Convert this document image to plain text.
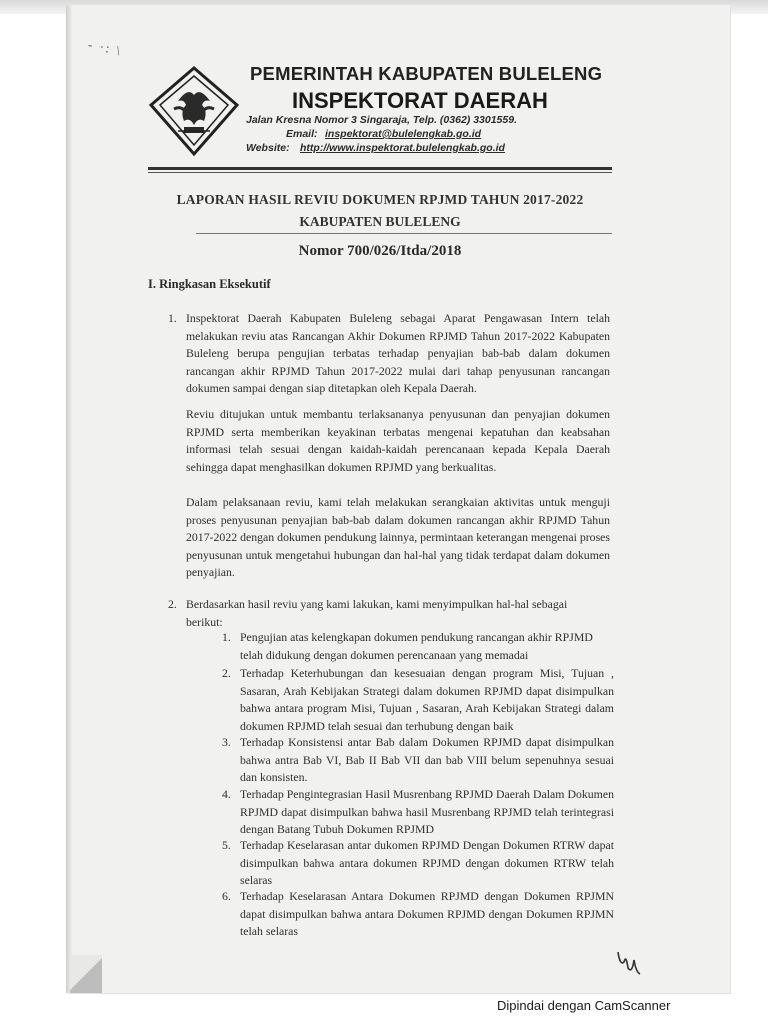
- ·: \
PEMERINTAH KABUPATEN BULELENG
INSPEKTORAT DAERAH
Jalan Kresna Nomor 3 Singaraja, Telp. (0362) 3301559.
Email: inspektorat@bulelengkab.go.id
Website: http://www.inspektorat.bulelengkab.go.id
LAPORAN HASIL REVIU DOKUMEN RPJMD TAHUN 2017-2022
KABUPATEN BULELENG
Nomor 700/026/Itda/2018
I. Ringkasan Eksekutif
1. Inspektorat Daerah Kabupaten Buleleng sebagai Aparat Pengawasan Intern telah melakukan reviu atas Rancangan Akhir Dokumen RPJMD Tahun 2017-2022 Kabupaten Buleleng berupa pengujian terbatas terhadap penyajian bab-bab dalam dokumen rancangan akhir RPJMD Tahun 2017-2022 mulai dari tahap penyusunan rancangan dokumen sampai dengan siap ditetapkan oleh Kepala Daerah.

Reviu ditujukan untuk membantu terlaksananya penyusunan dan penyajian dokumen RPJMD serta memberikan keyakinan terbatas mengenai kepatuhan dan keabsahan informasi telah sesuai dengan kaidah-kaidah perencanaan kepada Kepala Daerah sehingga dapat menghasilkan dokumen RPJMD yang berkualitas.

Dalam pelaksanaan reviu, kami telah melakukan serangkaian aktivitas untuk menguji proses penyusunan penyajian bab-bab dalam dokumen rancangan akhir RPJMD Tahun 2017-2022 dengan dokumen pendukung lainnya, permintaan keterangan mengenai proses penyusunan untuk mengetahui hubungan dan hal-hal yang tidak terdapat dalam dokumen penyajian.

2. Berdasarkan hasil reviu yang kami lakukan, kami menyimpulkan hal-hal sebagai berikut:

1. Pengujian atas kelengkapan dokumen pendukung rancangan akhir RPJMD telah didukung dengan dokumen perencanaan yang memadai

2. Terhadap Keterhubungan dan kesesuaian dengan program Misi, Tujuan , Sasaran, Arah Kebijakan Strategi dalam dokumen RPJMD dapat disimpulkan bahwa antara program Misi, Tujuan , Sasaran, Arah Kebijakan Strategi dalam dokumen RPJMD telah sesuai dan terhubung dengan baik

3. Terhadap Konsistensi antar Bab dalam Dokumen RPJMD dapat disimpulkan bahwa antra Bab VI, Bab II Bab VII dan bab VIII belum sepenuhnya sesuai dan konsisten.

4. Terhadap Pengintegrasian Hasil Musrenbang RPJMD Daerah Dalam Dokumen RPJMD dapat disimpulkan bahwa hasil Musrenbang RPJMD telah terintegrasi dengan Batang Tubuh Dokumen RPJMD

5. Terhadap Keselarasan antar dukomen RPJMD Dengan Dokumen RTRW dapat disimpulkan bahwa antara dokumen RPJMD dengan dokumen RTRW telah selaras

6. Terhadap Keselarasan Antara Dokumen RPJMD dengan Dokumen RPJMN dapat disimpulkan bahwa antara Dokumen RPJMD dengan Dokumen RPJMN telah selaras

Dipindai dengan CamScanner
